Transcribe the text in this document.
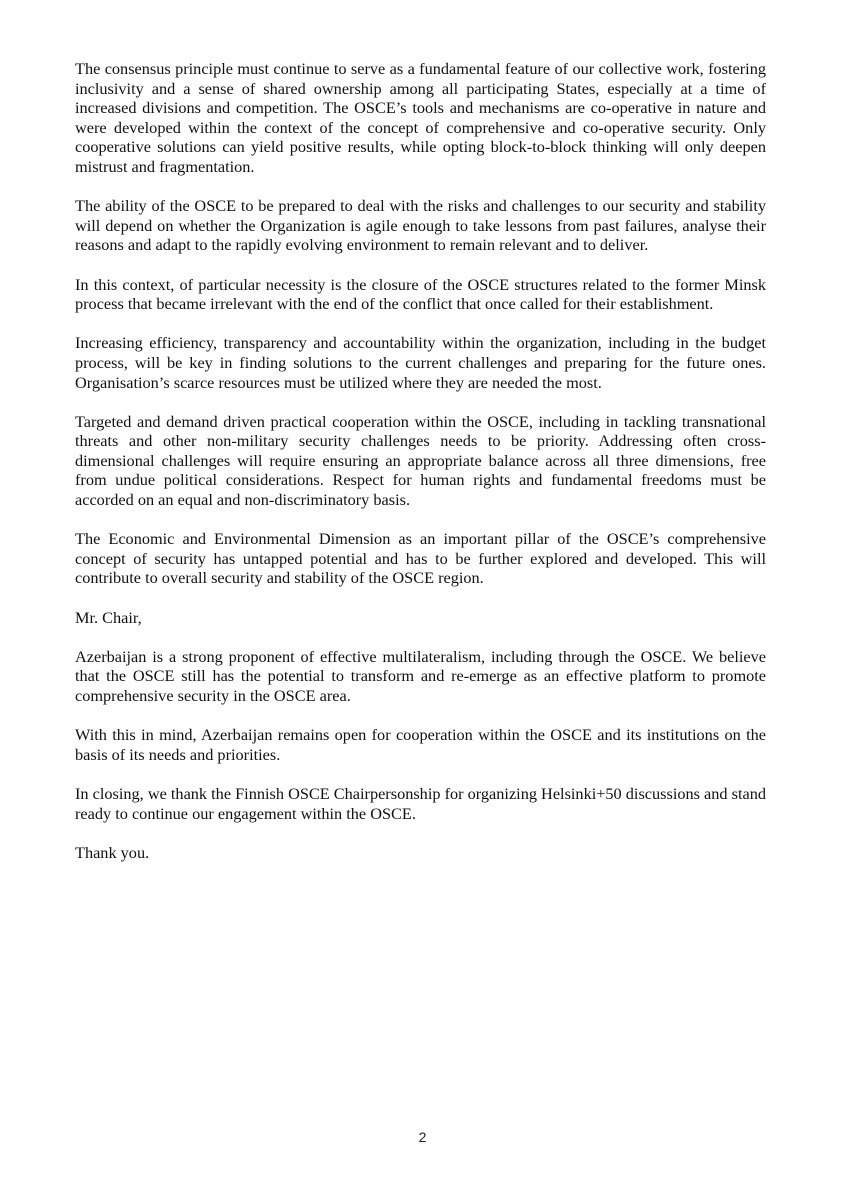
The consensus principle must continue to serve as a fundamental feature of our collective work, fostering inclusivity and a sense of shared ownership among all participating States, especially at a time of increased divisions and competition. The OSCE’s tools and mechanisms are co-operative in nature and were developed within the context of the concept of comprehensive and co-operative security. Only cooperative solutions can yield positive results, while opting block-to-block thinking will only deepen mistrust and fragmentation.

The ability of the OSCE to be prepared to deal with the risks and challenges to our security and stability will depend on whether the Organization is agile enough to take lessons from past failures, analyse their reasons and adapt to the rapidly evolving environment to remain relevant and to deliver.

In this context, of particular necessity is the closure of the OSCE structures related to the former Minsk process that became irrelevant with the end of the conflict that once called for their establishment.

Increasing efficiency, transparency and accountability within the organization, including in the budget process, will be key in finding solutions to the current challenges and preparing for the future ones. Organisation’s scarce resources must be utilized where they are needed the most.

Targeted and demand driven practical cooperation within the OSCE, including in tackling transnational threats and other non-military security challenges needs to be priority. Addressing often cross-dimensional challenges will require ensuring an appropriate balance across all three dimensions, free from undue political considerations. Respect for human rights and fundamental freedoms must be accorded on an equal and non-discriminatory basis.

The Economic and Environmental Dimension as an important pillar of the OSCE’s comprehensive concept of security has untapped potential and has to be further explored and developed. This will contribute to overall security and stability of the OSCE region.

Mr. Chair,

Azerbaijan is a strong proponent of effective multilateralism, including through the OSCE. We believe that the OSCE still has the potential to transform and re-emerge as an effective platform to promote comprehensive security in the OSCE area.

With this in mind, Azerbaijan remains open for cooperation within the OSCE and its institutions on the basis of its needs and priorities.

In closing, we thank the Finnish OSCE Chairpersonship for organizing Helsinki+50 discussions and stand ready to continue our engagement within the OSCE.

Thank you.

2
